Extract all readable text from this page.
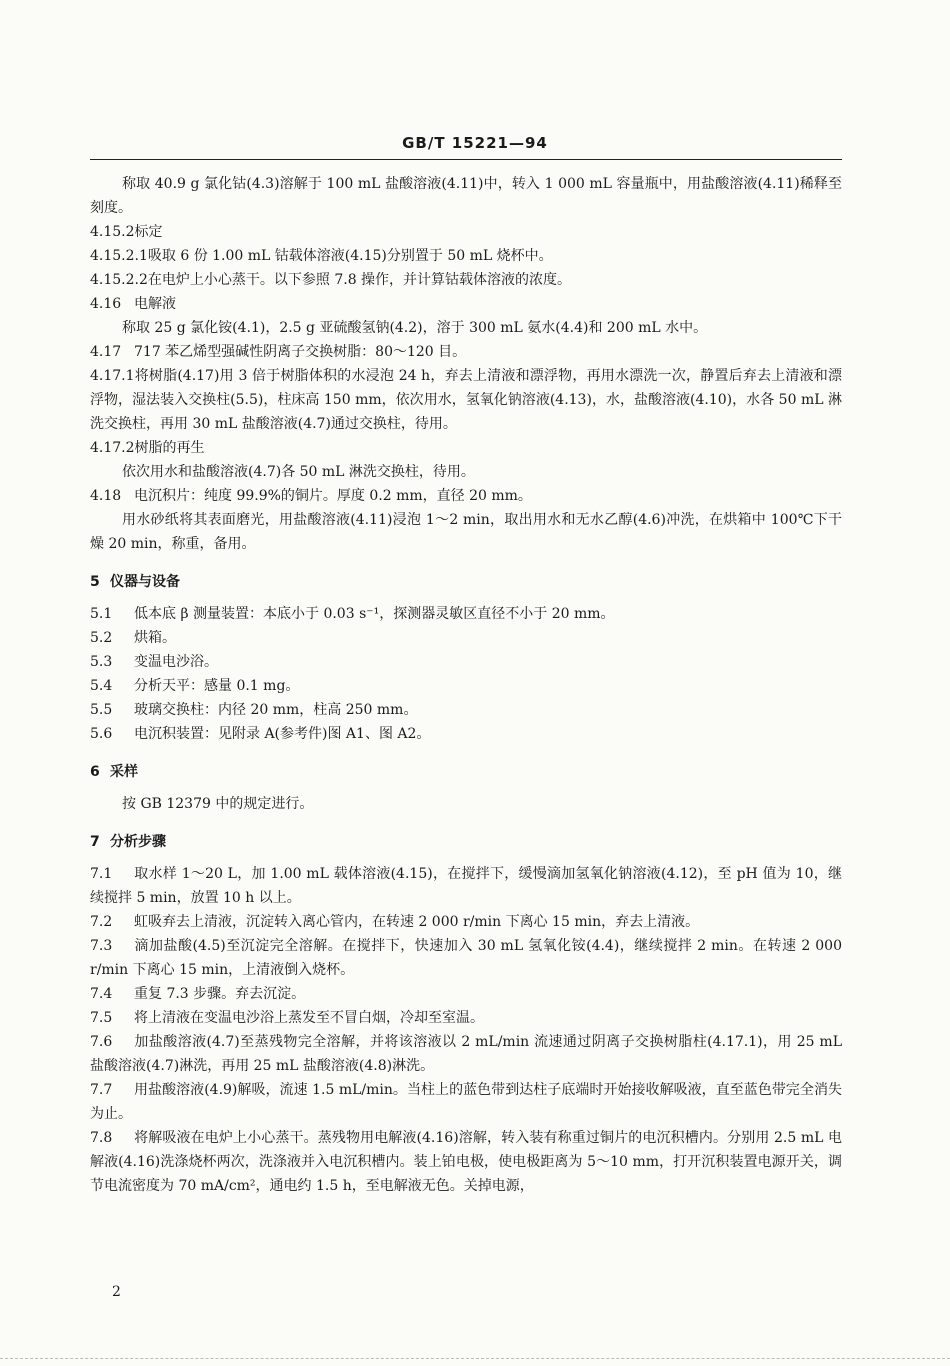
GB/T 15221—94
称取 40.9 g 氯化钴(4.3)溶解于 100 mL 盐酸溶液(4.11)中，转入 1 000 mL 容量瓶中，用盐酸溶液(4.11)稀释至刻度。
4.15.2标定
4.15.2.1吸取 6 份 1.00 mL 钴载体溶液(4.15)分别置于 50 mL 烧杯中。
4.15.2.2在电炉上小心蒸干。以下参照 7.8 操作，并计算钴载体溶液的浓度。
4.16 电解液
称取 25 g 氯化铵(4.1)，2.5 g 亚硫酸氢钠(4.2)，溶于 300 mL 氨水(4.4)和 200 mL 水中。
4.17 717 苯乙烯型强碱性阴离子交换树脂：80～120 目。
4.17.1将树脂(4.17)用 3 倍于树脂体积的水浸泡 24 h，弃去上清液和漂浮物，再用水漂洗一次，静置后弃去上清液和漂浮物，湿法装入交换柱(5.5)，柱床高 150 mm，依次用水，氢氧化钠溶液(4.13)，水，盐酸溶液(4.10)，水各 50 mL 淋洗交换柱，再用 30 mL 盐酸溶液(4.7)通过交换柱，待用。
4.17.2树脂的再生
依次用水和盐酸溶液(4.7)各 50 mL 淋洗交换柱，待用。
4.18 电沉积片：纯度 99.9%的铜片。厚度 0.2 mm，直径 20 mm。
用水砂纸将其表面磨光，用盐酸溶液(4.11)浸泡 1～2 min，取出用水和无水乙醇(4.6)冲洗，在烘箱中 100℃下干燥 20 min，称重，备用。
5 仪器与设备
5.1 低本底 β 测量装置：本底小于 0.03 s⁻¹，探测器灵敏区直径不小于 20 mm。
5.2 烘箱。
5.3 变温电沙浴。
5.4 分析天平：感量 0.1 mg。
5.5 玻璃交换柱：内径 20 mm，柱高 250 mm。
5.6 电沉积装置：见附录 A(参考件)图 A1、图 A2。
6 采样
按 GB 12379 中的规定进行。
7 分析步骤
7.1 取水样 1～20 L，加 1.00 mL 载体溶液(4.15)，在搅拌下，缓慢滴加氢氧化钠溶液(4.12)，至 pH 值为 10，继续搅拌 5 min，放置 10 h 以上。
7.2 虹吸弃去上清液，沉淀转入离心管内，在转速 2 000 r/min 下离心 15 min，弃去上清液。
7.3 滴加盐酸(4.5)至沉淀完全溶解。在搅拌下，快速加入 30 mL 氢氧化铵(4.4)，继续搅拌 2 min。在转速 2 000 r/min 下离心 15 min，上清液倒入烧杯。
7.4 重复 7.3 步骤。弃去沉淀。
7.5 将上清液在变温电沙浴上蒸发至不冒白烟，冷却至室温。
7.6 加盐酸溶液(4.7)至蒸残物完全溶解，并将该溶液以 2 mL/min 流速通过阴离子交换树脂柱(4.17.1)，用 25 mL 盐酸溶液(4.7)淋洗，再用 25 mL 盐酸溶液(4.8)淋洗。
7.7 用盐酸溶液(4.9)解吸，流速 1.5 mL/min。当柱上的蓝色带到达柱子底端时开始接收解吸液，直至蓝色带完全消失为止。
7.8 将解吸液在电炉上小心蒸干。蒸残物用电解液(4.16)溶解，转入装有称重过铜片的电沉积槽内。分别用 2.5 mL 电解液(4.16)洗涤烧杯两次，洗涤液并入电沉积槽内。装上铂电极，使电极距离为 5～10 mm，打开沉积装置电源开关，调节电流密度为 70 mA/cm²，通电约 1.5 h，至电解液无色。关掉电源，
2
